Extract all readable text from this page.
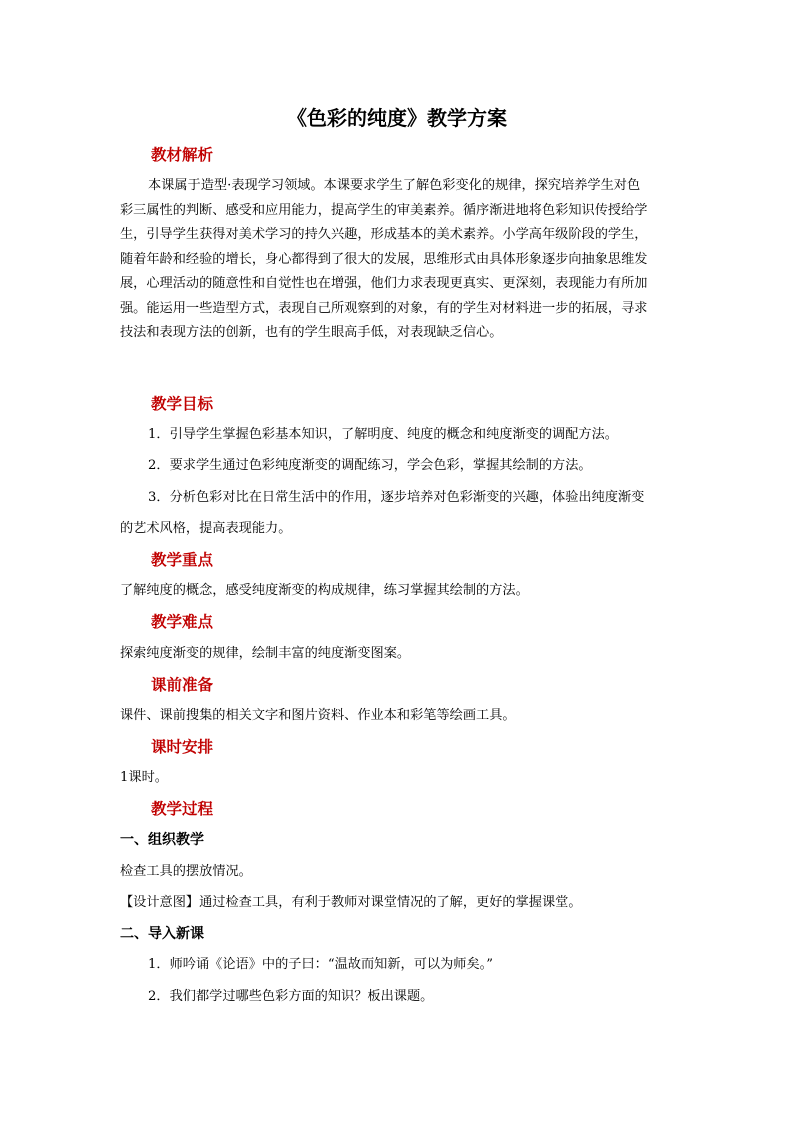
《色彩的纯度》教学方案
教材解析
本课属于造型·表现学习领域。本课要求学生了解色彩变化的规律，探究培养学生对色
彩三属性的判断、感受和应用能力，提高学生的审美素养。循序渐进地将色彩知识传授给学
生，引导学生获得对美术学习的持久兴趣，形成基本的美术素养。小学高年级阶段的学生，
随着年龄和经验的增长，身心都得到了很大的发展，思维形式由具体形象逐步向抽象思维发
展，心理活动的随意性和自觉性也在增强，他们力求表现更真实、更深刻，表现能力有所加
强。能运用一些造型方式，表现自己所观察到的对象，有的学生对材料进一步的拓展，寻求
技法和表现方法的创新，也有的学生眼高手低，对表现缺乏信心。
教学目标
1．引导学生掌握色彩基本知识，了解明度、纯度的概念和纯度渐变的调配方法。
2．要求学生通过色彩纯度渐变的调配练习，学会色彩，掌握其绘制的方法。
3．分析色彩对比在日常生活中的作用，逐步培养对色彩渐变的兴趣，体验出纯度渐变
的艺术风格，提高表现能力。
教学重点
了解纯度的概念，感受纯度渐变的构成规律，练习掌握其绘制的方法。
教学难点
探索纯度渐变的规律，绘制丰富的纯度渐变图案。
课前准备
课件、课前搜集的相关文字和图片资料、作业本和彩笔等绘画工具。
课时安排
1课时。
教学过程
一、组织教学
检查工具的摆放情况。
【设计意图】通过检查工具，有利于教师对课堂情况的了解，更好的掌握课堂。
二、导入新课
1．师吟诵《论语》中的子曰：“温故而知新，可以为师矣。”
2．我们都学过哪些色彩方面的知识？板出课题。
